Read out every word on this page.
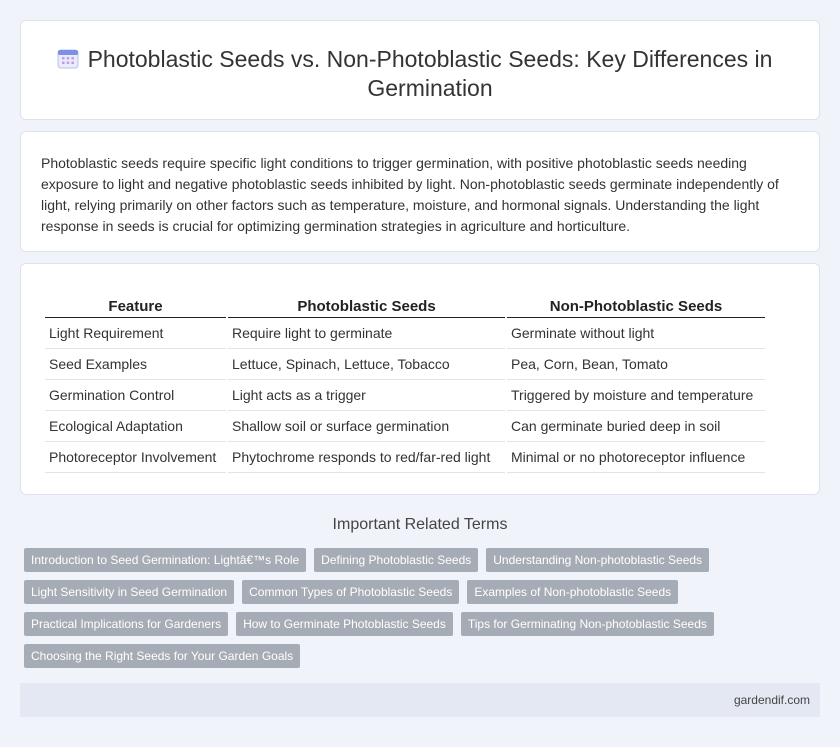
Photoblastic Seeds vs. Non-Photoblastic Seeds: Key Differences in Germination

Photoblastic seeds require specific light conditions to trigger germination, with positive photoblastic seeds needing exposure to light and negative photoblastic seeds inhibited by light. Non-photoblastic seeds germinate independently of light, relying primarily on other factors such as temperature, moisture, and hormonal signals. Understanding the light response in seeds is crucial for optimizing germination strategies in agriculture and horticulture.

Feature	Photoblastic Seeds	Non-Photoblastic Seeds
Light Requirement	Require light to germinate	Germinate without light
Seed Examples	Lettuce, Spinach, Lettuce, Tobacco	Pea, Corn, Bean, Tomato
Germination Control	Light acts as a trigger	Triggered by moisture and temperature
Ecological Adaptation	Shallow soil or surface germination	Can germinate buried deep in soil
Photoreceptor Involvement	Phytochrome responds to red/far-red light	Minimal or no photoreceptor influence
Important Related Terms
Introduction to Seed Germination: Lightâ€™s Role	Defining Photoblastic Seeds	Understanding Non-photoblastic Seeds
Light Sensitivity in Seed Germination	Common Types of Photoblastic Seeds	Examples of Non-photoblastic Seeds
Practical Implications for Gardeners	How to Germinate Photoblastic Seeds	Tips for Germinating Non-photoblastic Seeds
Choosing the Right Seeds for Your Garden Goals
gardendif.com
